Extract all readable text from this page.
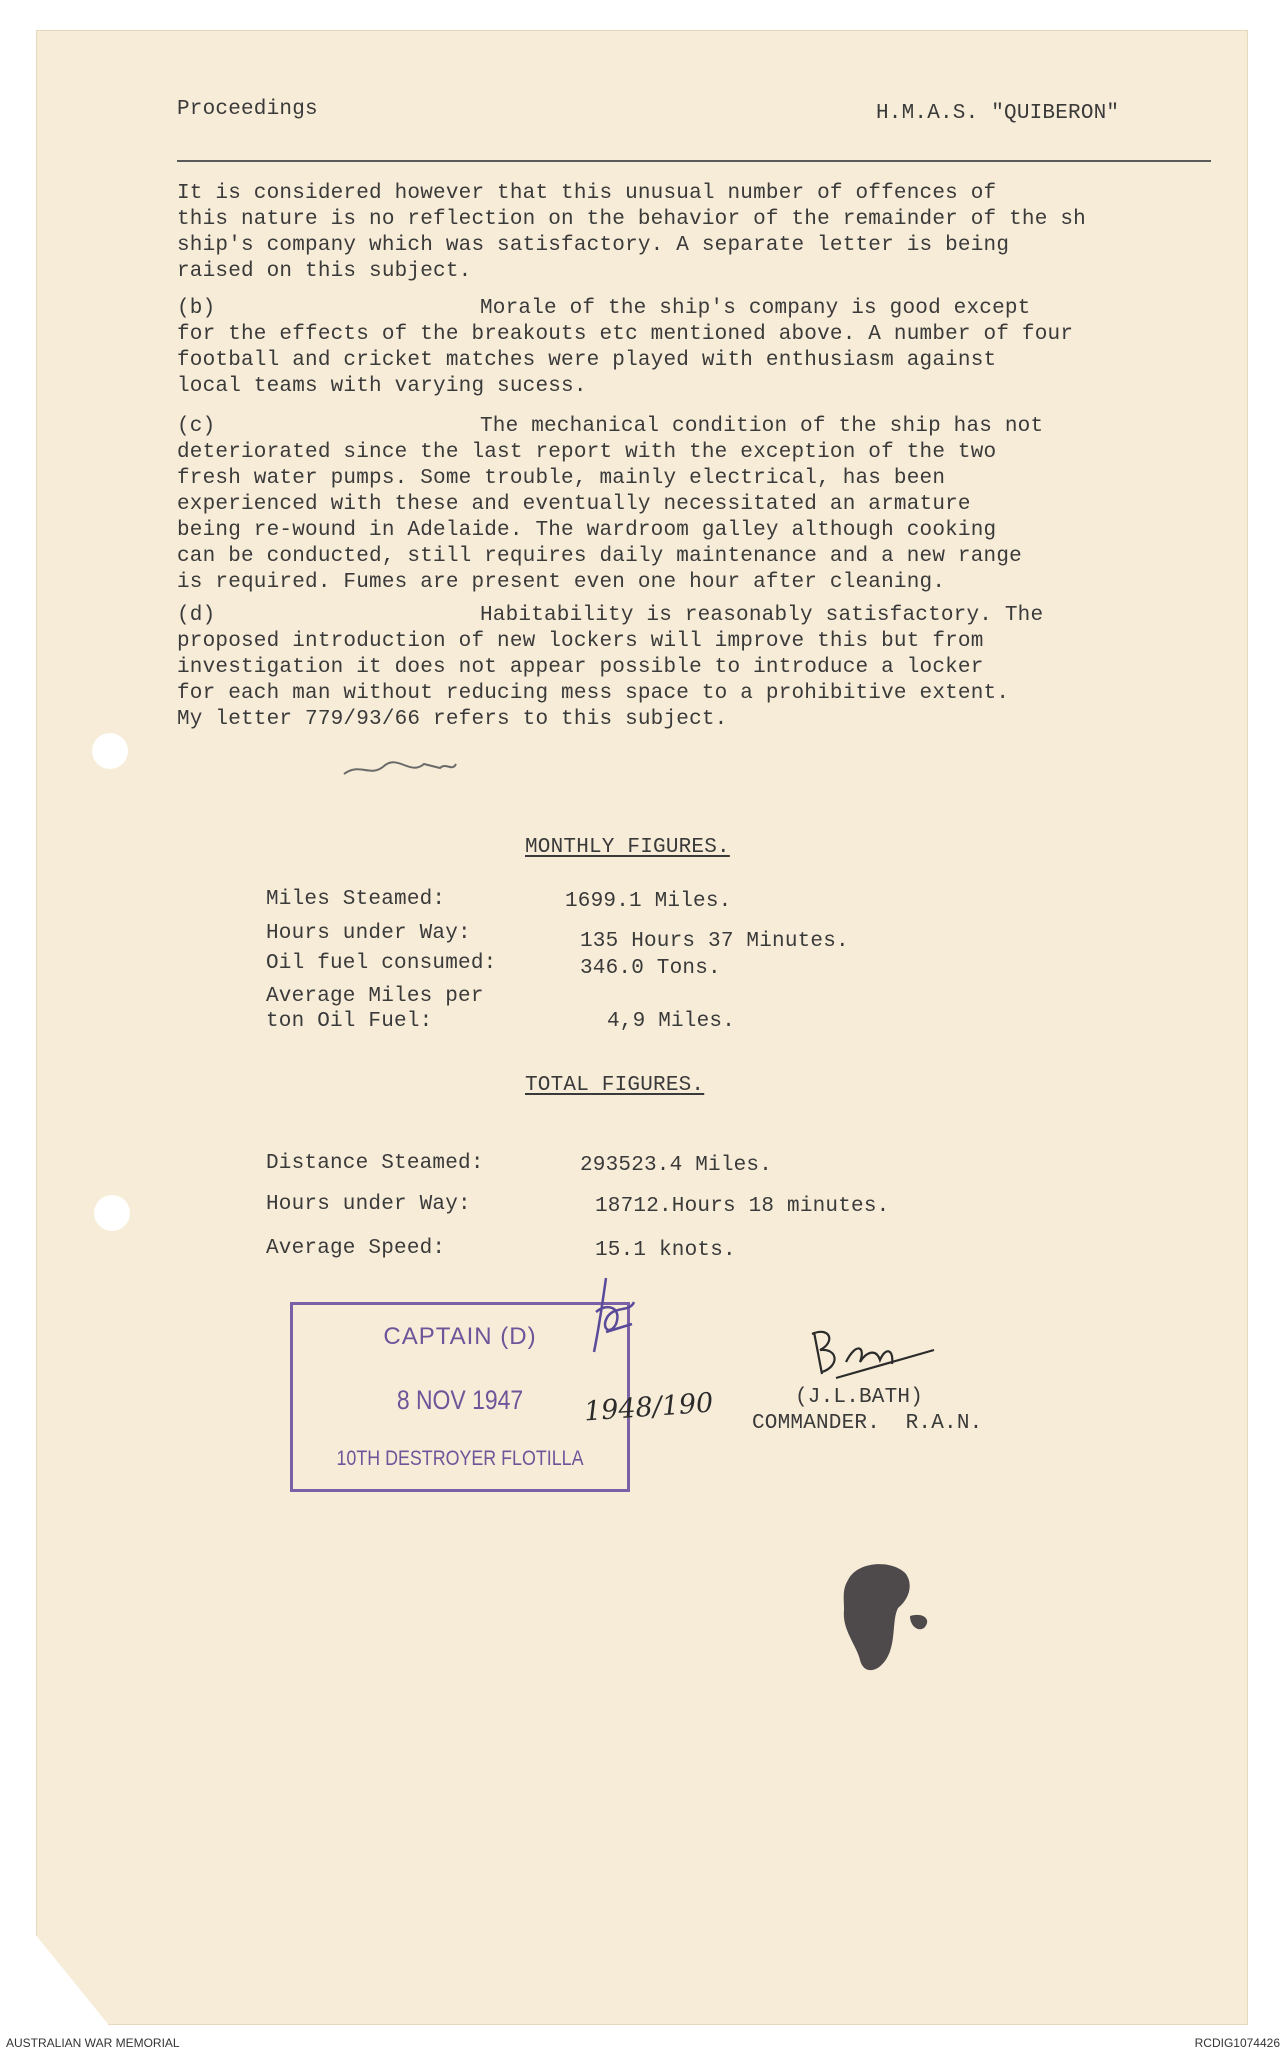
Proceedings	H.M.A.S. "QUIBERON"
It is considered however that this unusual number of offences of
this nature is no reflection on the behavior of the remainder of the sh
ship's company which was satisfactory. A separate letter is being
raised on this subject.
(b)	Morale of the ship's company is good except
for the effects of the breakouts etc mentioned above. A number of four
football and cricket matches were played with enthusiasm against
local teams with varying sucess.
(c)	The mechanical condition of the ship has not
deteriorated since the last report with the exception of the two
fresh water pumps. Some trouble, mainly electrical, has been
experienced with these and eventually necessitated an armature
being re-wound in Adelaide. The wardroom galley although cooking
can be conducted, still requires daily maintenance and a new range
is required. Fumes are present even one hour after cleaning.
(d)	Habitability is reasonably satisfactory. The
proposed introduction of new lockers will improve this but from
investigation it does not appear possible to introduce a locker
for each man without reducing mess space to a prohibitive extent.
My letter 779/93/66 refers to this subject.
MONTHLY FIGURES.
Miles Steamed:	1699.1 Miles.
Hours under Way:	135 Hours 37 Minutes.
Oil fuel consumed:	346.0 Tons.
Average Miles per
ton Oil Fuel:	4,9 Miles.
TOTAL FIGURES.
Distance Steamed:	293523.4 Miles.
Hours under Way:	18712.Hours 18 minutes.
Average Speed:	15.1 knots.
CAPTAIN (D)
8 NOV 1947
10TH DESTROYER FLOTILLA
1948/190	(J.L.BATH)
COMMANDER.  R.A.N.
AUSTRALIAN WAR MEMORIAL	RCDIG1074426
